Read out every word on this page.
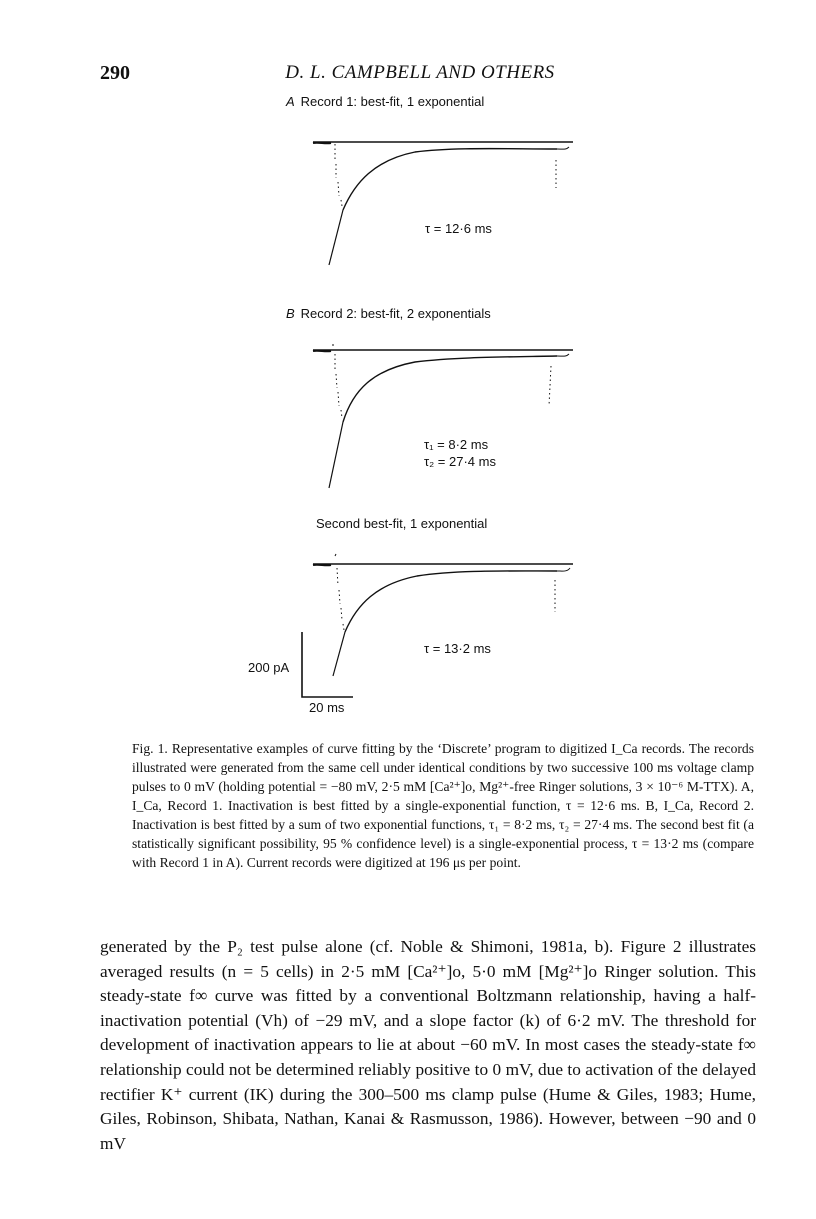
290	D. L. CAMPBELL AND OTHERS
A Record 1: best-fit, 1 exponential
τ = 12·6 ms
B Record 2: best-fit, 2 exponentials
τ₁ = 8·2 ms
τ₂ = 27·4 ms
Second best-fit, 1 exponential
τ = 13·2 ms
200 pA
20 ms

Fig. 1. Representative examples of curve fitting by the ‘Discrete’ program to digitized I_Ca records. The records illustrated were generated from the same cell under identical conditions by two successive 100 ms voltage clamp pulses to 0 mV (holding potential = −80 mV, 2·5 mM [Ca²⁺]o, Mg²⁺-free Ringer solutions, 3 × 10⁻⁶ M-TTX). A, I_Ca, Record 1. Inactivation is best fitted by a single-exponential function, τ = 12·6 ms. B, I_Ca, Record 2. Inactivation is best fitted by a sum of two exponential functions, τ₁ = 8·2 ms, τ₂ = 27·4 ms. The second best fit (a statistically significant possibility, 95 % confidence level) is a single-exponential process, τ = 13·2 ms (compare with Record 1 in A). Current records were digitized at 196 μs per point.

generated by the P₂ test pulse alone (cf. Noble & Shimoni, 1981a, b). Figure 2 illustrates averaged results (n = 5 cells) in 2·5 mM [Ca²⁺]o, 5·0 mM [Mg²⁺]o Ringer solution. This steady-state f∞ curve was fitted by a conventional Boltzmann relationship, having a half-inactivation potential (Vh) of −29 mV, and a slope factor (k) of 6·2 mV. The threshold for development of inactivation appears to lie at about −60 mV. In most cases the steady-state f∞ relationship could not be determined reliably positive to 0 mV, due to activation of the delayed rectifier K⁺ current (IK) during the 300–500 ms clamp pulse (Hume & Giles, 1983; Hume, Giles, Robinson, Shibata, Nathan, Kanai & Rasmusson, 1986). However, between −90 and 0 mV
